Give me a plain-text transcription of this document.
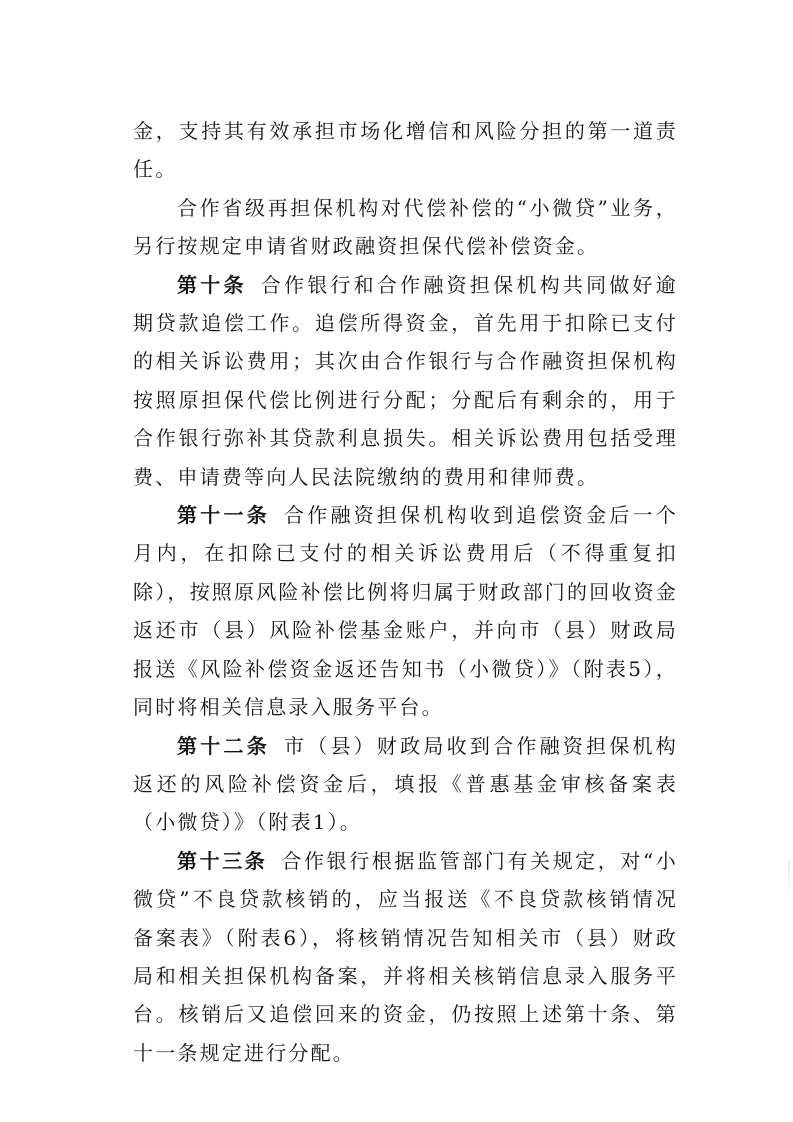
金，支持其有效承担市场化增信和风险分担的第一道责任。

合作省级再担保机构对代偿补偿的“小微贷”业务，另行按规定申请省财政融资担保代偿补偿资金。

第十条 合作银行和合作融资担保机构共同做好逾期贷款追偿工作。追偿所得资金，首先用于扣除已支付的相关诉讼费用；其次由合作银行与合作融资担保机构按照原担保代偿比例进行分配；分配后有剩余的，用于合作银行弥补其贷款利息损失。相关诉讼费用包括受理费、申请费等向人民法院缴纳的费用和律师费。

第十一条 合作融资担保机构收到追偿资金后一个月内，在扣除已支付的相关诉讼费用后（不得重复扣除），按照原风险补偿比例将归属于财政部门的回收资金返还市（县）风险补偿基金账户，并向市（县）财政局报送《风险补偿资金返还告知书（小微贷）》（附表5），同时将相关信息录入服务平台。

第十二条 市（县）财政局收到合作融资担保机构返还的风险补偿资金后，填报《普惠基金审核备案表（小微贷）》（附表1）。

第十三条 合作银行根据监管部门有关规定，对“小微贷”不良贷款核销的，应当报送《不良贷款核销情况备案表》（附表6），将核销情况告知相关市（县）财政局和相关担保机构备案，并将相关核销信息录入服务平台。核销后又追偿回来的资金，仍按照上述第十条、第十一条规定进行分配。
